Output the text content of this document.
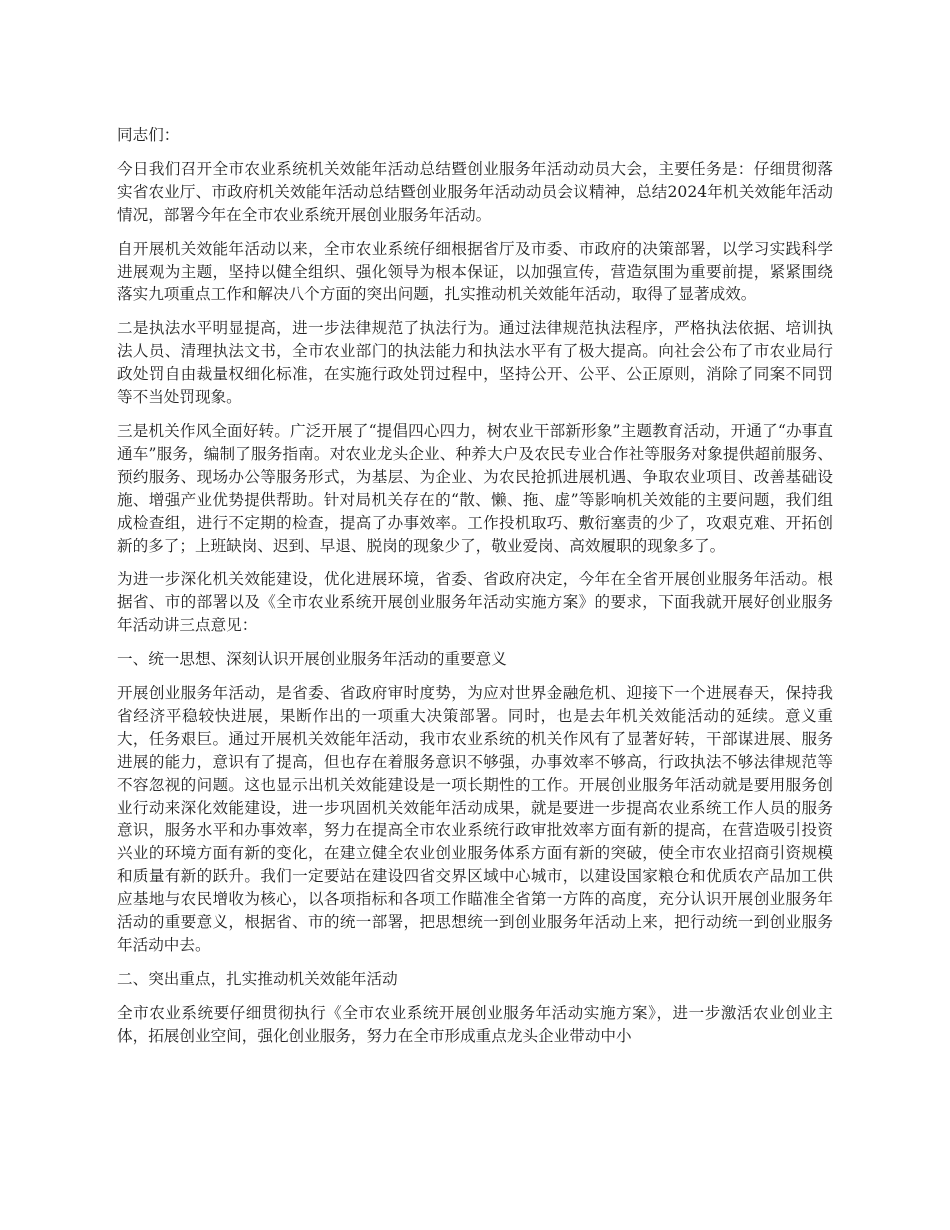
同志们：

今日我们召开全市农业系统机关效能年活动总结暨创业服务年活动动员大会，主要任务是：仔细贯彻落实省农业厅、市政府机关效能年活动总结暨创业服务年活动动员会议精神，总结2024年机关效能年活动情况，部署今年在全市农业系统开展创业服务年活动。

自开展机关效能年活动以来，全市农业系统仔细根据省厅及市委、市政府的决策部署，以学习实践科学进展观为主题，坚持以健全组织、强化领导为根本保证，以加强宣传，营造氛围为重要前提，紧紧围绕落实九项重点工作和解决八个方面的突出问题，扎实推动机关效能年活动，取得了显著成效。

二是执法水平明显提高，进一步法律规范了执法行为。通过法律规范执法程序，严格执法依据、培训执法人员、清理执法文书，全市农业部门的执法能力和执法水平有了极大提高。向社会公布了市农业局行政处罚自由裁量权细化标准，在实施行政处罚过程中，坚持公开、公平、公正原则，消除了同案不同罚等不当处罚现象。

三是机关作风全面好转。广泛开展了“提倡四心四力，树农业干部新形象”主题教育活动，开通了“办事直通车”服务，编制了服务指南。对农业龙头企业、种养大户及农民专业合作社等服务对象提供超前服务、预约服务、现场办公等服务形式，为基层、为企业、为农民抢抓进展机遇、争取农业项目、改善基础设施、增强产业优势提供帮助。针对局机关存在的“散、懒、拖、虚”等影响机关效能的主要问题，我们组成检查组，进行不定期的检查，提高了办事效率。工作投机取巧、敷衍塞责的少了，攻艰克难、开拓创新的多了；上班缺岗、迟到、早退、脱岗的现象少了，敬业爱岗、高效履职的现象多了。

为进一步深化机关效能建设，优化进展环境，省委、省政府决定，今年在全省开展创业服务年活动。根据省、市的部署以及《全市农业系统开展创业服务年活动实施方案》的要求，下面我就开展好创业服务年活动讲三点意见：

一、统一思想、深刻认识开展创业服务年活动的重要意义

开展创业服务年活动，是省委、省政府审时度势，为应对世界金融危机、迎接下一个进展春天，保持我省经济平稳较快进展，果断作出的一项重大决策部署。同时，也是去年机关效能活动的延续。意义重大，任务艰巨。通过开展机关效能年活动，我市农业系统的机关作风有了显著好转，干部谋进展、服务进展的能力，意识有了提高，但也存在着服务意识不够强，办事效率不够高，行政执法不够法律规范等不容忽视的问题。这也显示出机关效能建设是一项长期性的工作。开展创业服务年活动就是要用服务创业行动来深化效能建设，进一步巩固机关效能年活动成果，就是要进一步提高农业系统工作人员的服务意识，服务水平和办事效率，努力在提高全市农业系统行政审批效率方面有新的提高，在营造吸引投资兴业的环境方面有新的变化，在建立健全农业创业服务体系方面有新的突破，使全市农业招商引资规模和质量有新的跃升。我们一定要站在建设四省交界区域中心城市，以建设国家粮仓和优质农产品加工供应基地与农民增收为核心，以各项指标和各项工作瞄准全省第一方阵的高度，充分认识开展创业服务年活动的重要意义，根据省、市的统一部署，把思想统一到创业服务年活动上来，把行动统一到创业服务年活动中去。

二、突出重点，扎实推动机关效能年活动

全市农业系统要仔细贯彻执行《全市农业系统开展创业服务年活动实施方案》，进一步激活农业创业主体，拓展创业空间，强化创业服务，努力在全市形成重点龙头企业带动中小
